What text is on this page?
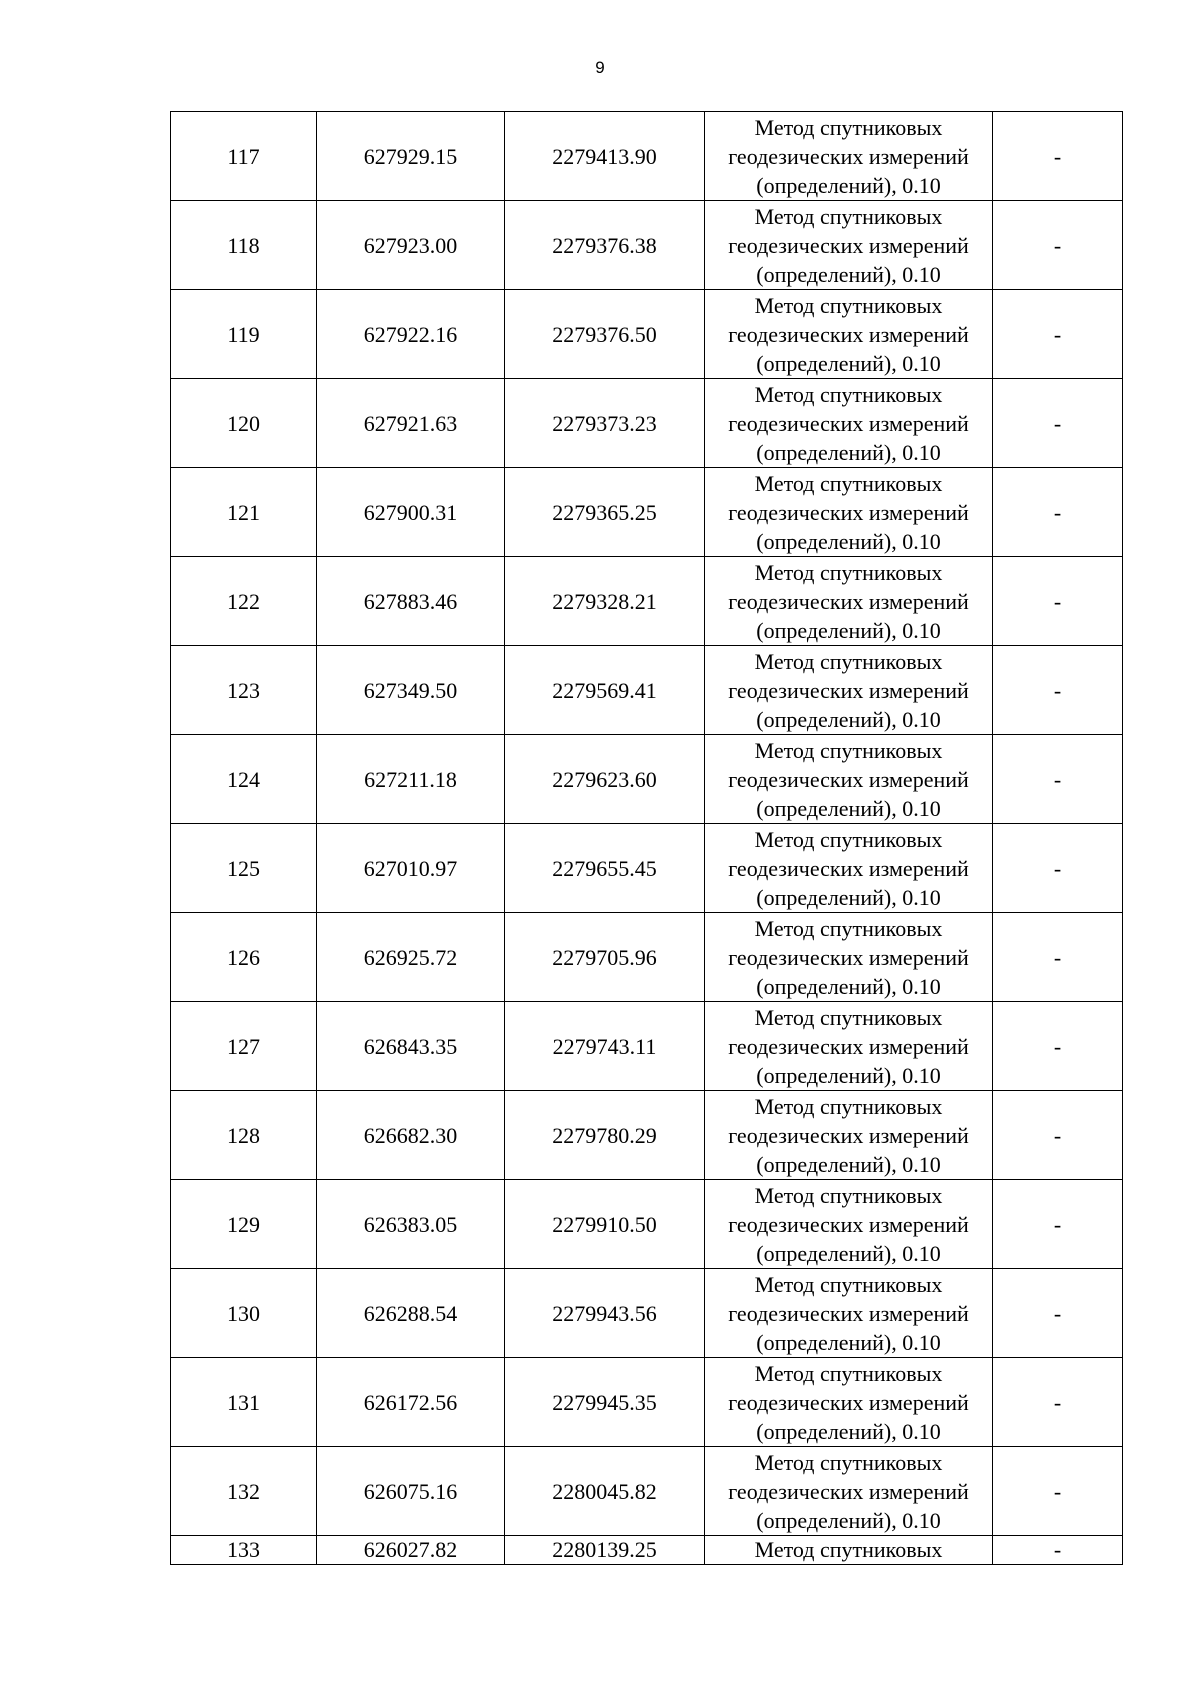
9
117	627929.15	2279413.90	Метод спутниковых
геодезических измерений
(определений), 0.10	-
118	627923.00	2279376.38	Метод спутниковых
геодезических измерений
(определений), 0.10	-
119	627922.16	2279376.50	Метод спутниковых
геодезических измерений
(определений), 0.10	-
120	627921.63	2279373.23	Метод спутниковых
геодезических измерений
(определений), 0.10	-
121	627900.31	2279365.25	Метод спутниковых
геодезических измерений
(определений), 0.10	-
122	627883.46	2279328.21	Метод спутниковых
геодезических измерений
(определений), 0.10	-
123	627349.50	2279569.41	Метод спутниковых
геодезических измерений
(определений), 0.10	-
124	627211.18	2279623.60	Метод спутниковых
геодезических измерений
(определений), 0.10	-
125	627010.97	2279655.45	Метод спутниковых
геодезических измерений
(определений), 0.10	-
126	626925.72	2279705.96	Метод спутниковых
геодезических измерений
(определений), 0.10	-
127	626843.35	2279743.11	Метод спутниковых
геодезических измерений
(определений), 0.10	-
128	626682.30	2279780.29	Метод спутниковых
геодезических измерений
(определений), 0.10	-
129	626383.05	2279910.50	Метод спутниковых
геодезических измерений
(определений), 0.10	-
130	626288.54	2279943.56	Метод спутниковых
геодезических измерений
(определений), 0.10	-
131	626172.56	2279945.35	Метод спутниковых
геодезических измерений
(определений), 0.10	-
132	626075.16	2280045.82	Метод спутниковых
геодезических измерений
(определений), 0.10	-
133	626027.82	2280139.25	Метод спутниковых	-
